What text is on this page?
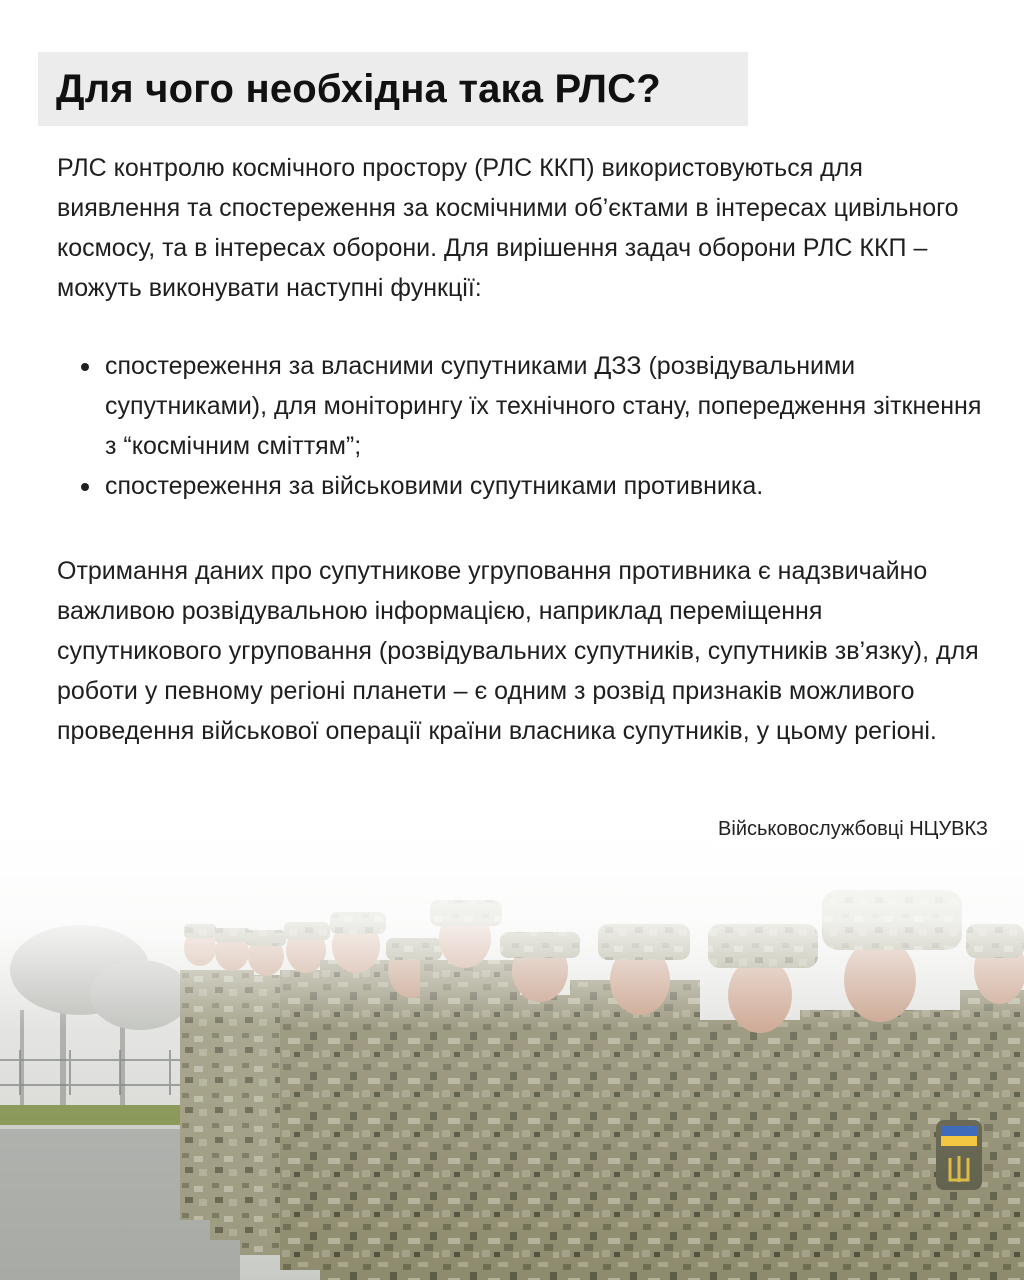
Для чого необхідна така РЛС?

РЛС контролю космічного простору (РЛС ККП) використовуються для виявлення та спостереження за космічними об’єктами в інтересах цивільного космосу, та в інтересах оборони. Для вирішення задач оборони РЛС ККП – можуть виконувати наступні функції:

спостереження за власними супутниками ДЗЗ (розвідувальними супутниками), для моніторингу їх технічного стану, попередження зіткнення з “космічним сміттям”;
спостереження за військовими супутниками противника.

Отримання даних про супутникове угруповання противника є надзвичайно важливою розвідувальною інформацією, наприклад переміщення супутникового угруповання (розвідувальних супутників, супутників зв’язку), для роботи у певному регіоні планети – є одним з розвід признаків можливого проведення військової операції країни власника супутників, у цьому регіоні.

Військовослужбовці НЦУВКЗ
